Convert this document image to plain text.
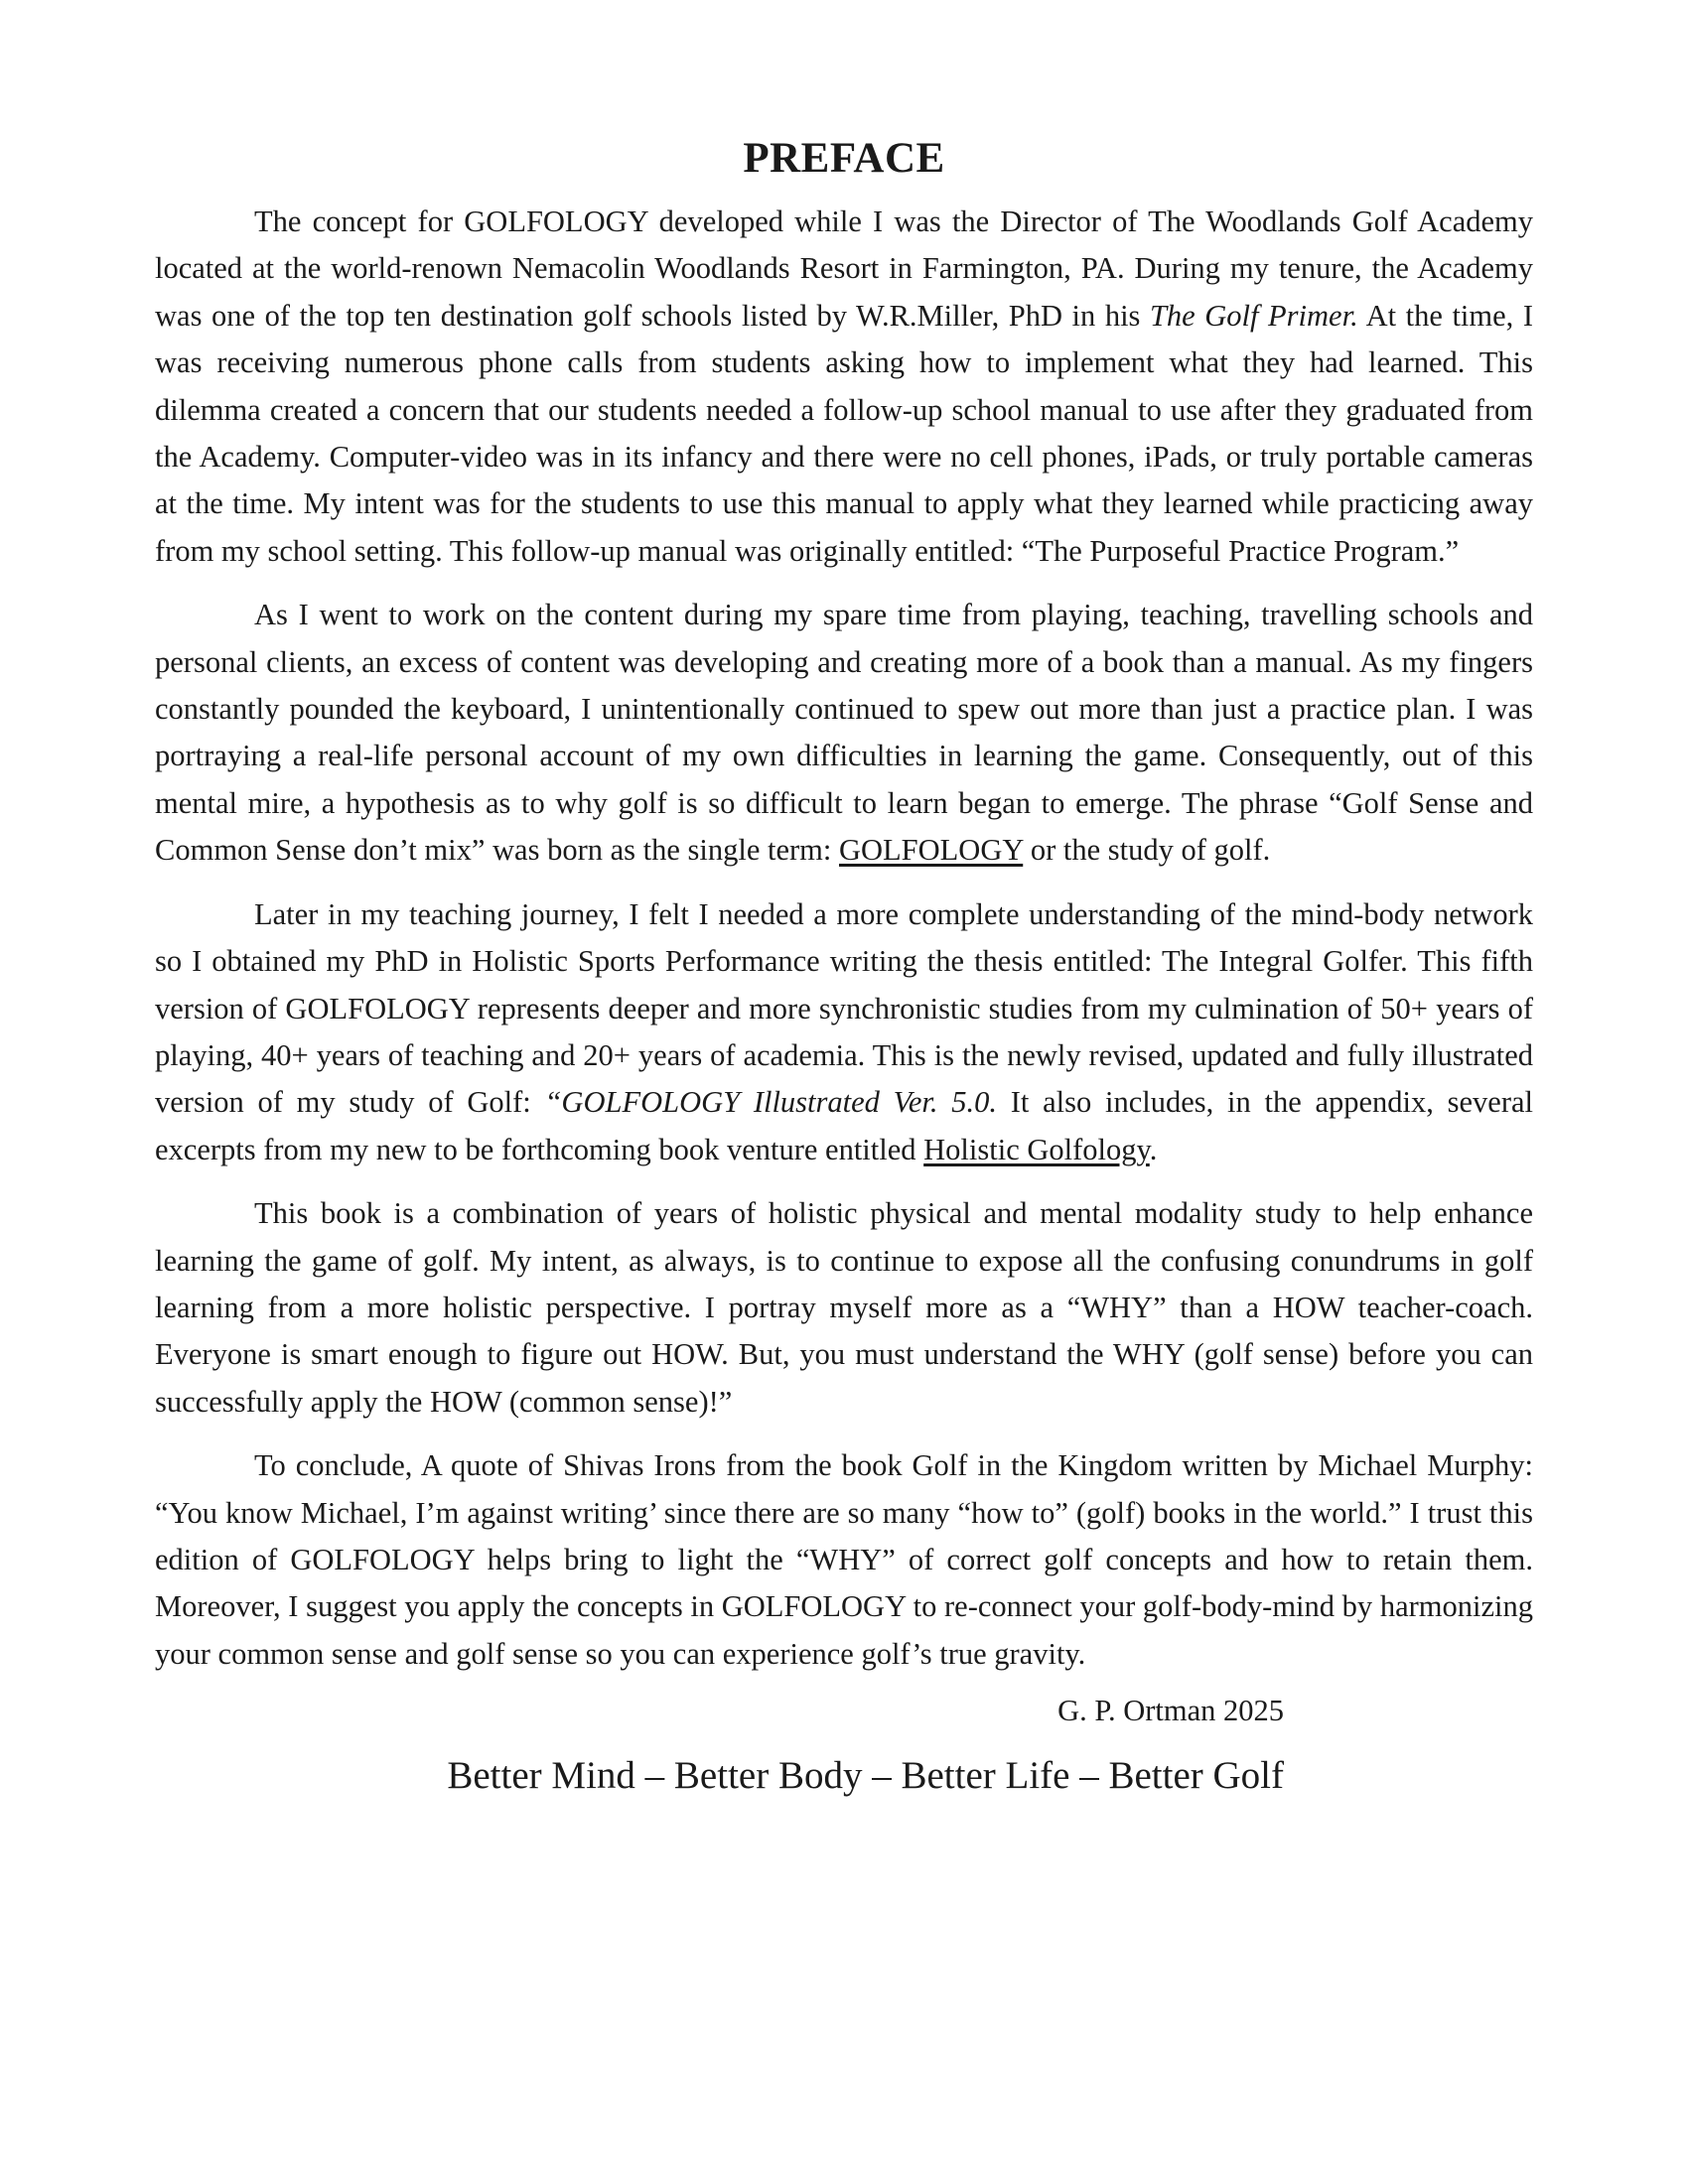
PREFACE

The concept for GOLFOLOGY developed while I was the Director of The Woodlands Golf Academy located at the world-renown Nemacolin Woodlands Resort in Farmington, PA. During my tenure, the Academy was one of the top ten destination golf schools listed by W.R.Miller, PhD in his The Golf Primer. At the time, I was receiving numerous phone calls from students asking how to implement what they had learned. This dilemma created a concern that our students needed a follow-up school manual to use after they graduated from the Academy. Computer-video was in its infancy and there were no cell phones, iPads, or truly portable cameras at the time. My intent was for the students to use this manual to apply what they learned while practicing away from my school setting. This follow-up manual was originally entitled: “The Purposeful Practice Program.”

As I went to work on the content during my spare time from playing, teaching, travelling schools and personal clients, an excess of content was developing and creating more of a book than a manual. As my fingers constantly pounded the keyboard, I unintentionally continued to spew out more than just a practice plan. I was portraying a real-life personal account of my own difficulties in learning the game. Consequently, out of this mental mire, a hypothesis as to why golf is so difficult to learn began to emerge. The phrase “Golf Sense and Common Sense don’t mix” was born as the single term: GOLFOLOGY or the study of golf.

Later in my teaching journey, I felt I needed a more complete understanding of the mind-body network so I obtained my PhD in Holistic Sports Performance writing the thesis entitled: The Integral Golfer. This fifth version of GOLFOLOGY represents deeper and more synchronistic studies from my culmination of 50+ years of playing, 40+ years of teaching and 20+ years of academia. This is the newly revised, updated and fully illustrated version of my study of Golf: “GOLFOLOGY Illustrated Ver. 5.0. It also includes, in the appendix, several excerpts from my new to be forthcoming book venture entitled Holistic Golfology.

This book is a combination of years of holistic physical and mental modality study to help enhance learning the game of golf. My intent, as always, is to continue to expose all the confusing conundrums in golf learning from a more holistic perspective. I portray myself more as a “WHY” than a HOW teacher-coach. Everyone is smart enough to figure out HOW. But, you must understand the WHY (golf sense) before you can successfully apply the HOW (common sense)!”

To conclude, A quote of Shivas Irons from the book Golf in the Kingdom written by Michael Murphy: “You know Michael, I’m against writing’ since there are so many “how to” (golf) books in the world.” I trust this edition of GOLFOLOGY helps bring to light the “WHY” of correct golf concepts and how to retain them. Moreover, I suggest you apply the concepts in GOLFOLOGY to re-connect your golf-body-mind by harmonizing your common sense and golf sense so you can experience golf’s true gravity.

G. P. Ortman 2025

Better Mind – Better Body – Better Life – Better Golf
